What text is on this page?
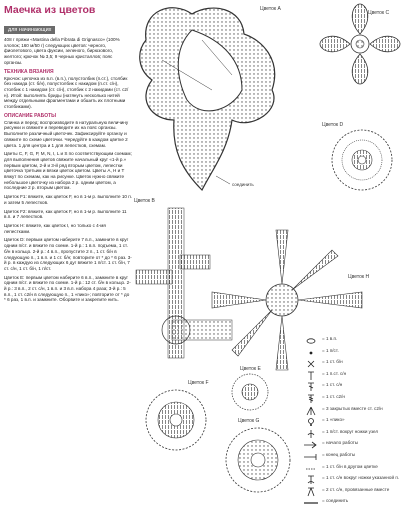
Маечка из цветов
для начинающих

408 г пряжи «Mastina della Fibrata di Grignasco» (100% хлопок; 160 м/50 г) следующих цветов: черного, фиолетового, цвета фуксии, зеленого, бирюзового, желтого; крючок № 3,5; 9 черных кристаллов; пояс органзы.

ТЕХНИКА ВЯЗАНИЯ

Крючок: цепочка из в.п. (в.п.), полустолбик (п.ст.), столбик без накида (ст. б/н), полустолбик с накидом (п.ст. с/н), столбик с 1 накидом (ст. с/н), столбик с 2 накидами (ст. с2/н). Итой: выполнять бриды (натянуть несколько нитей между отдельными фрагментами и обшить их плотными столбиками).

ОПИСАНИЕ РАБОТЫ

Спинка и перед: воспроизводите в натуральную величину рисунки и свяжите и переведите их на пояс органзы. Выполните различный цветочек. Зафиксируйте органзу и свяжите по схеме цветочки. Чередуйте в каждом цветке 2 цвета. 1 для центра и 1 для лепестков, схемам.

Цветы C, F, G, P, M, N, I, L и S по соответствующим схемам; для выполнения цветов свяжите начальный круг «1-й р.» первым цветом, 2-й и 3-й ряд вторым цветом, лепестки цветочка третьим и вязки цветок цветом. Цветы A, H и T вяжут по схемам, как на рисунке. Цветок нужно свяжите небольшое цветочку из набора 2 р. одним цветом, а последние 2 р. вторым цветом.

Цветок F1: вяжите, как цветок F, но в 1-м р. выполните 10 п. и затем 5 лепестков.

Цветок F2: вяжите, как цветок F, но в 1-м р. выполните 11 в.п. и 7 лепестков.

Цветок H: вяжите, как цветок I, но только с 4-мя лепестками.

Цветок D: первым цветом наберите 7 в.п., замкните в круг одним п/ст. и вяжите по схеме. 1-й р.: 1 в.п. подъема, 1 ст. б/н в кольцо. 2-й р.: 4 в.п., пропустите 2 п., 1 ст. б/н в следующую п., 1 в.п. и 1 ст. б/н; повторите от * до * 6 раз. 3-й р. в каждую из следующих 6 дуг вяжите 1 п/ст. 1 ст. б/н, 7 ст. с/н, 1 ст. б/н, 1 п/ст.

Цветок E: первым цветом наберите 6 в.п., замкните в круг одним п/ст. и вяжите по схеме. 1-й р.: 12 ст. б/н в кольцо. 2-й р.: 3 в.п., 2 ст. с/н, 1 в.п. и 3 в.п. набора 4 раза; 3-й р.: 5 в.п., 1 ст. с2/н в следующую п., 1 «пико»; повторите от * до * 6 раз, 1 в.п. и замкните. Оборвите и закрепите нить.

Цветок A
соединить
Цветок C
Цветок D
Цветок B
Цветок H
Цветок F
Цветок G
Цветок E
= 1 в.п.
= 1 п/ст.
= 1 ст. б/н
= 1 п.ст. с/н
= 1 ст. с/н
= 1 ст. с2/н
= 3 закрытых вместе ст. с2/н
= 1 «пико»
= 1 п/ст. вокруг ножки узел
= начало работы
= конец работы
= 1 ст. б/н в другом цветке
= 1 ст. с/н вокруг ножки указанной п.
= 2 ст. с/н, провязанные вместе
= соединить
